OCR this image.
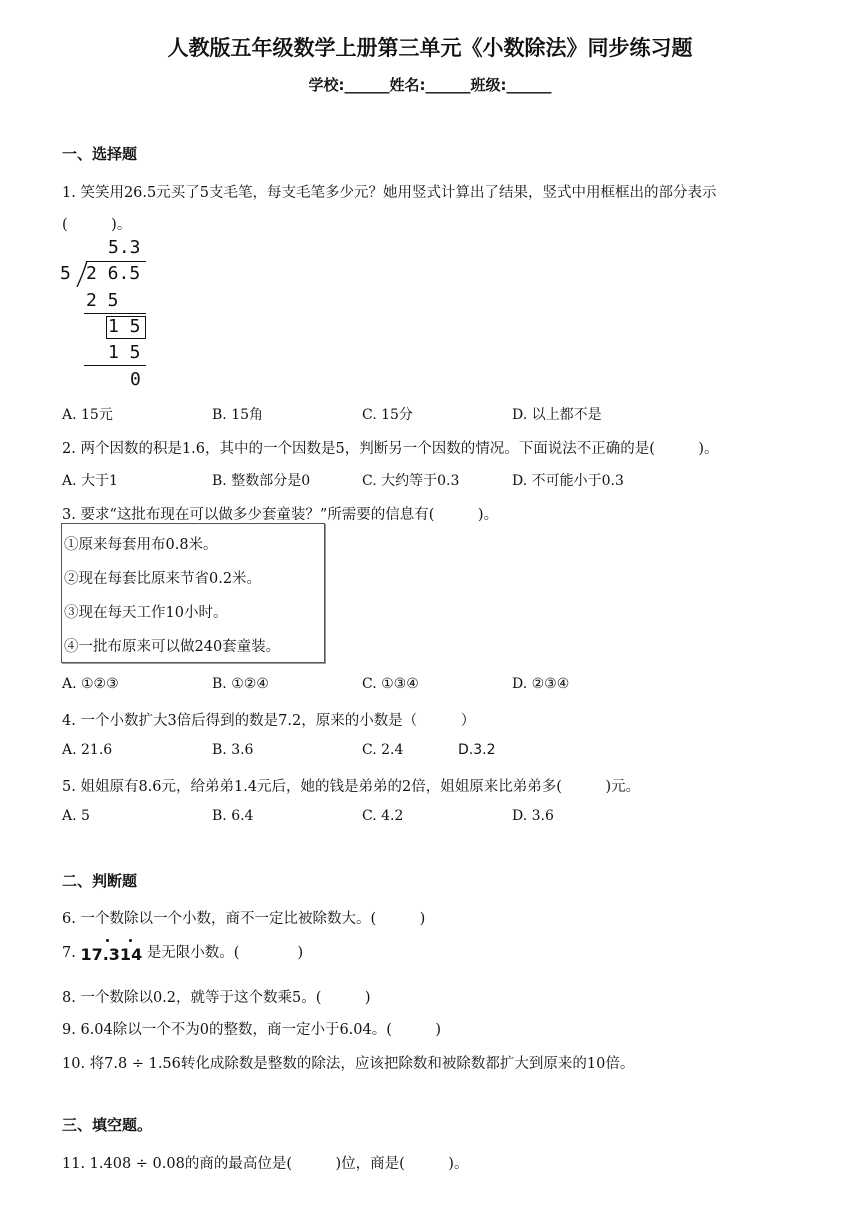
人教版五年级数学上册第三单元《小数除法》同步练习题
学校:______姓名:______班级:______
一、选择题
1. 笑笑用26.5元买了5支毛笔，每支毛笔多少元？她用竖式计算出了结果，竖式中用框框出的部分表示
(　　　)。
5.3
5 2 6.5
2 5
1 5
1 5
0
A. 15元	B. 15角	C. 15分	D. 以上都不是
2. 两个因数的积是1.6，其中的一个因数是5，判断另一个因数的情况。下面说法不正确的是(　　　)。
A. 大于1	B. 整数部分是0	C. 大约等于0.3	D. 不可能小于0.3
3. 要求“这批布现在可以做多少套童装？”所需要的信息有(　　　)。
①原来每套用布0.8米。
②现在每套比原来节省0.2米。
③现在每天工作10小时。
④一批布原来可以做240套童装。
A. ①②③	B. ①②④	C. ①③④	D. ②③④
4. 一个小数扩大3倍后得到的数是7.2，原来的小数是（　　　）
A. 21.6	B. 3.6	C. 2.4	D.3.2
5. 姐姐原有8.6元，给弟弟1.4元后，她的钱是弟弟的2倍，姐姐原来比弟弟多(　　　)元。
A. 5	B. 6.4	C. 4.2	D. 3.6
二、判断题
6. 一个数除以一个小数，商不一定比被除数大。(　　　)
7. 17.314 是无限小数。(　　　　)
8. 一个数除以0.2，就等于这个数乘5。(　　　)
9. 6.04除以一个不为0的整数，商一定小于6.04。(　　　)
10. 将7.8 ÷ 1.56转化成除数是整数的除法，应该把除数和被除数都扩大到原来的10倍。
三、填空题。
11. 1.408 ÷ 0.08的商的最高位是(　　　)位，商是(　　　)。
